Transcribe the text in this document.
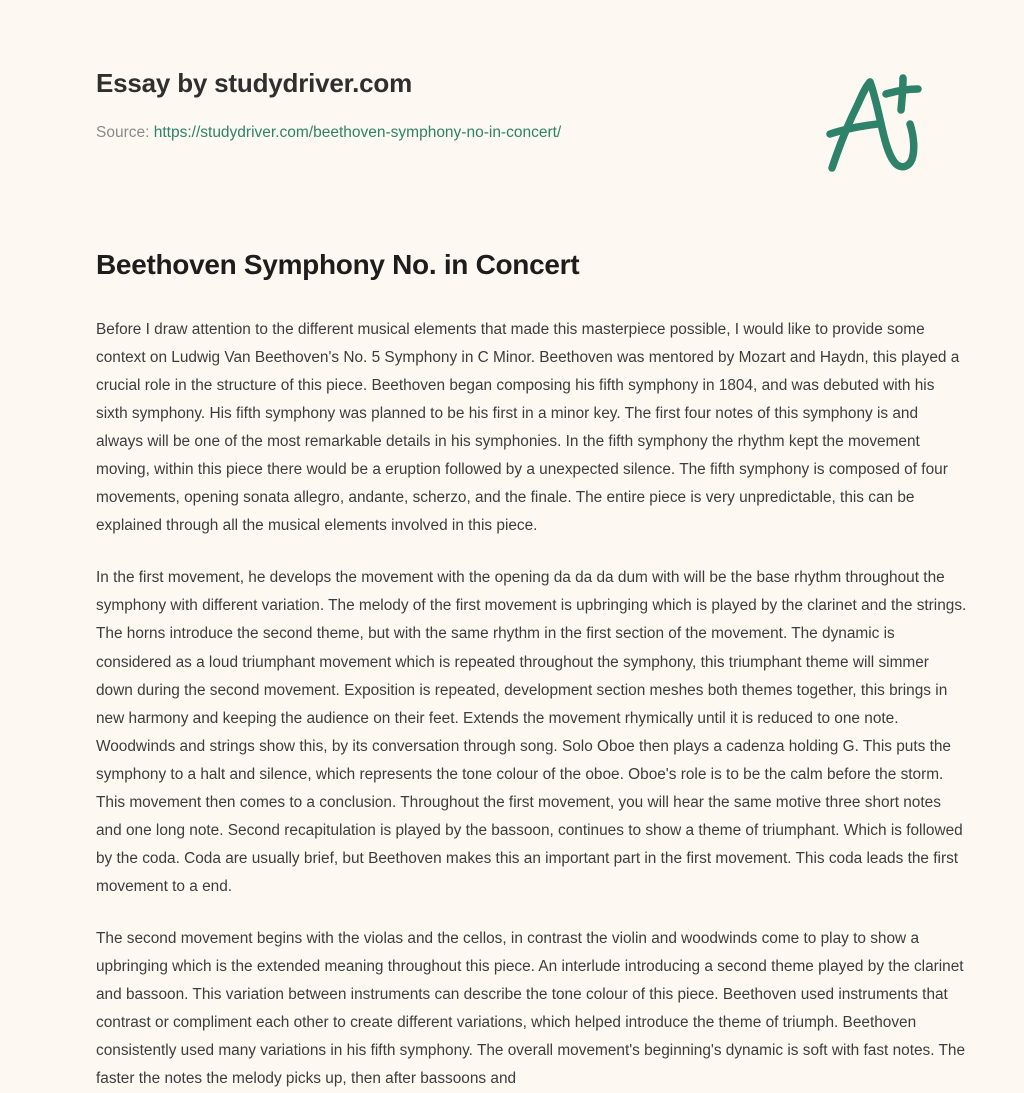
Essay by studydriver.com
Source: https://studydriver.com/beethoven-symphony-no-in-concert/
Beethoven Symphony No. in Concert

Before I draw attention to the different musical elements that made this masterpiece possible, I would like to provide some context on Ludwig Van Beethoven's No. 5 Symphony in C Minor. Beethoven was mentored by Mozart and Haydn, this played a crucial role in the structure of this piece. Beethoven began composing his fifth symphony in 1804, and was debuted with his sixth symphony. His fifth symphony was planned to be his first in a minor key. The first four notes of this symphony is and always will be one of the most remarkable details in his symphonies. In the fifth symphony the rhythm kept the movement moving, within this piece there would be a eruption followed by a unexpected silence. The fifth symphony is composed of four movements, opening sonata allegro, andante, scherzo, and the finale. The entire piece is very unpredictable, this can be explained through all the musical elements involved in this piece.

In the first movement, he develops the movement with the opening da da da dum with will be the base rhythm throughout the symphony with different variation. The melody of the first movement is upbringing which is played by the clarinet and the strings. The horns introduce the second theme, but with the same rhythm in the first section of the movement. The dynamic is considered as a loud triumphant movement which is repeated throughout the symphony, this triumphant theme will simmer down during the second movement. Exposition is repeated, development section meshes both themes together, this brings in new harmony and keeping the audience on their feet. Extends the movement rhymically until it is reduced to one note. Woodwinds and strings show this, by its conversation through song. Solo Oboe then plays a cadenza holding G. This puts the symphony to a halt and silence, which represents the tone colour of the oboe. Oboe's role is to be the calm before the storm. This movement then comes to a conclusion. Throughout the first movement, you will hear the same motive three short notes and one long note. Second recapitulation is played by the bassoon, continues to show a theme of triumphant. Which is followed by the coda. Coda are usually brief, but Beethoven makes this an important part in the first movement. This coda leads the first movement to a end.

The second movement begins with the violas and the cellos, in contrast the violin and woodwinds come to play to show a upbringing which is the extended meaning throughout this piece. An interlude introducing a second theme played by the clarinet and bassoon. This variation between instruments can describe the tone colour of this piece. Beethoven used instruments that contrast or compliment each other to create different variations, which helped introduce the theme of triumph. Beethoven consistently used many variations in his fifth symphony. The overall movement's beginning's dynamic is soft with fast notes. The faster the notes the melody picks up, then after bassoons and
